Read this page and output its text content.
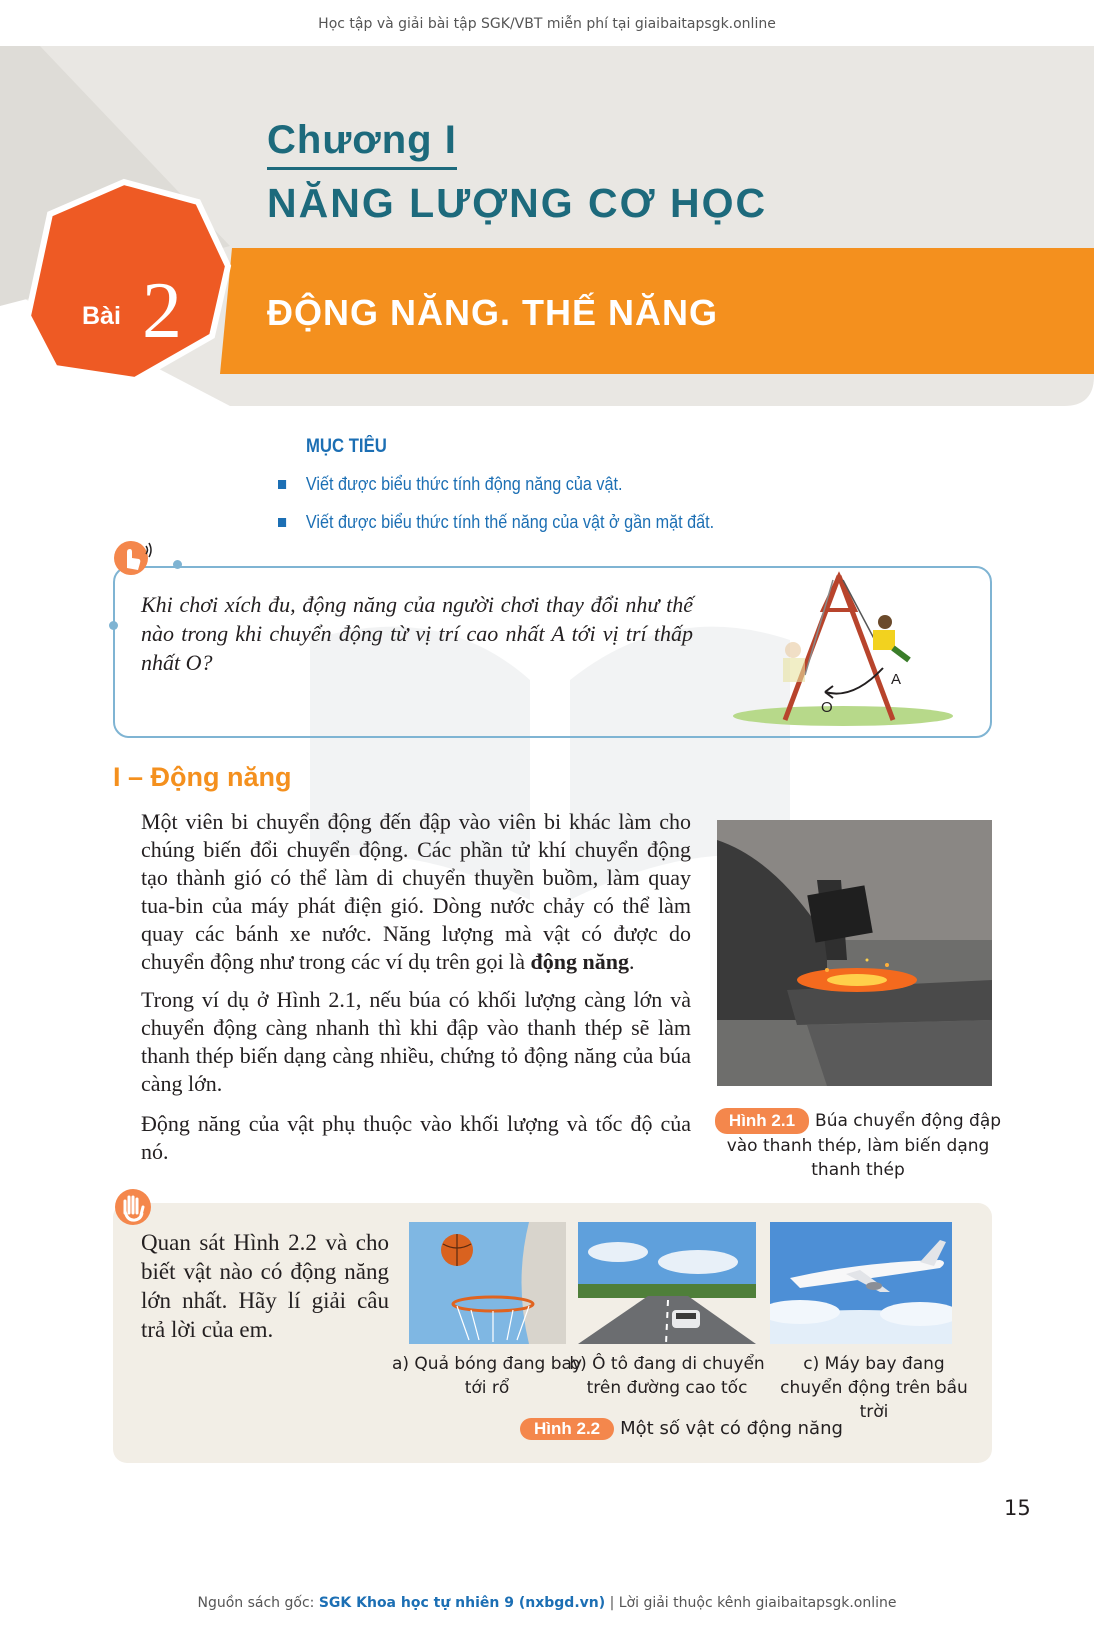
Học tập và giải bài tập SGK/VBT miễn phí tại giaibaitapsgk.online
Chương I
NĂNG LƯỢNG CƠ HỌC
Bài 2 ĐỘNG NĂNG. THẾ NĂNG
MỤC TIÊU
Viết được biểu thức tính động năng của vật.
Viết được biểu thức tính thế năng của vật ở gần mặt đất.
Khi chơi xích đu, động năng của người chơi thay đổi như thế nào trong khi chuyển động từ vị trí cao nhất A tới vị trí thấp nhất O?
O
A
I – Động năng
Một viên bi chuyển động đến đập vào viên bi khác làm cho chúng biến đổi chuyển động. Các phần tử khí chuyển động tạo thành gió có thể làm di chuyển thuyền buồm, làm quay tua-bin của máy phát điện gió. Dòng nước chảy có thể làm quay các bánh xe nước. Năng lượng mà vật có được do chuyển động như trong các ví dụ trên gọi là động năng.
Trong ví dụ ở Hình 2.1, nếu búa có khối lượng càng lớn và chuyển động càng nhanh thì khi đập vào thanh thép sẽ làm thanh thép biến dạng càng nhiều, chứng tỏ động năng của búa càng lớn.
Động năng của vật phụ thuộc vào khối lượng và tốc độ của nó.
Hình 2.1 Búa chuyển động đập vào thanh thép, làm biến dạng thanh thép
Quan sát Hình 2.2 và cho biết vật nào có động năng lớn nhất. Hãy lí giải câu trả lời của em.
a) Quả bóng đang bay tới rổ
b) Ô tô đang di chuyển trên đường cao tốc
c) Máy bay đang chuyển động trên bầu trời
Hình 2.2 Một số vật có động năng
15
Nguồn sách gốc: SGK Khoa học tự nhiên 9 (nxbgd.vn) | Lời giải thuộc kênh giaibaitapsgk.online
